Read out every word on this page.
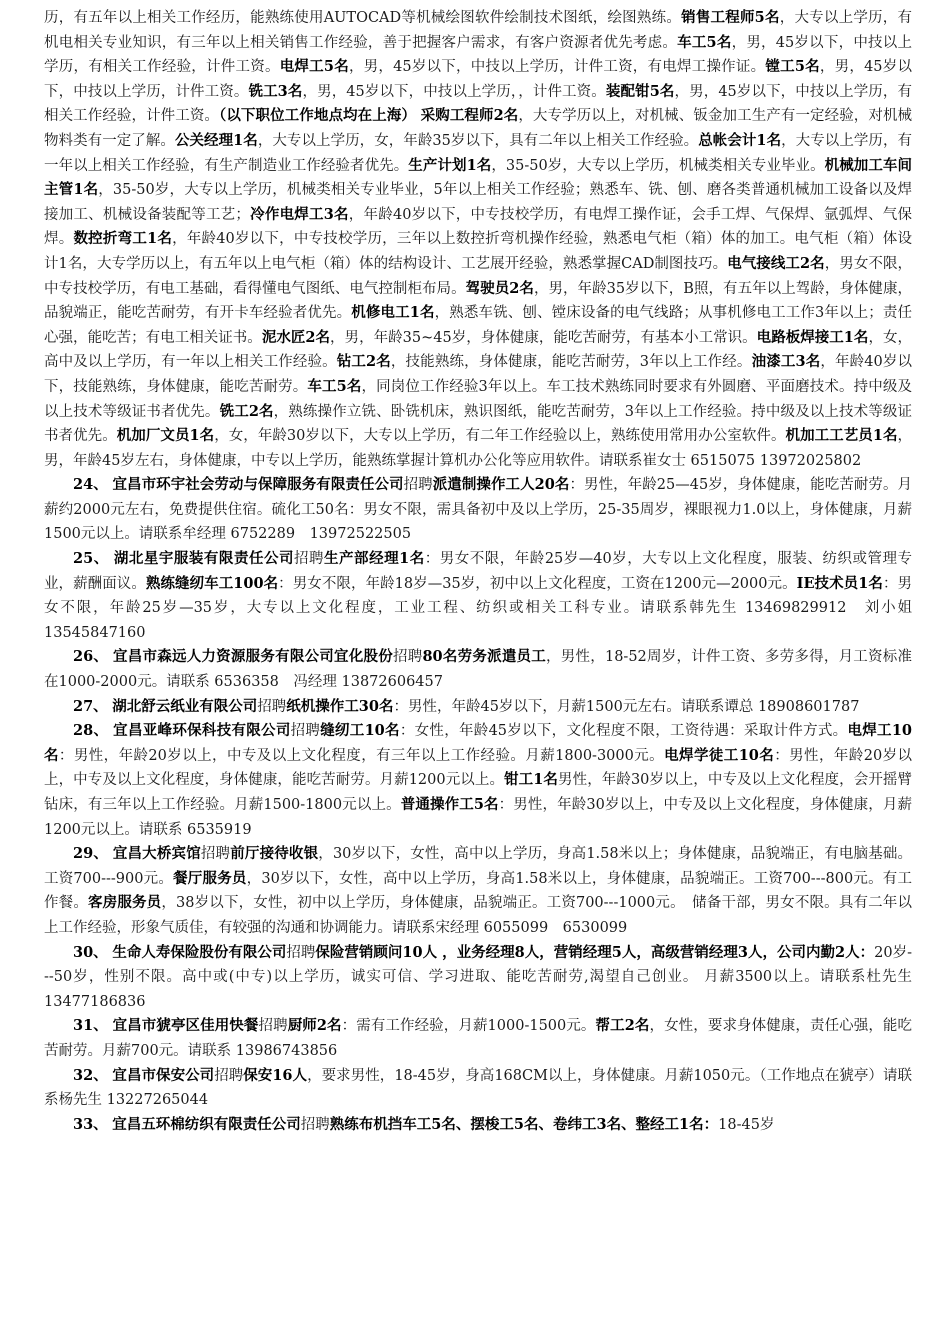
历，有五年以上相关工作经历，能熟练使用AUTOCAD等机械绘图软件绘制技术图纸，绘图熟练。销售工程师5名，大专以上学历，有机电相关专业知识，有三年以上相关销售工作经验，善于把握客户需求，有客户资源者优先考虑。车工5名，男，45岁以下，中技以上学历，有相关工作经验，计件工资。电焊工5名，男，45岁以下，中技以上学历，计件工资，有电焊工操作证。镗工5名，男，45岁以下，中技以上学历，计件工资。铣工3名，男，45岁以下，中技以上学历，，计件工资。装配钳5名，男，45岁以下，中技以上学历，有相关工作经验，计件工资。（以下职位工作地点均在上海） 采购工程师2名，大专学历以上，对机械、钣金加工生产有一定经验，对机械物料类有一定了解。公关经理1名，大专以上学历，女，年龄35岁以下，具有二年以上相关工作经验。总帐会计1名，大专以上学历，有一年以上相关工作经验，有生产制造业工作经验者优先。生产计划1名，35-50岁，大专以上学历，机械类相关专业毕业。机械加工车间主管1名，35-50岁，大专以上学历，机械类相关专业毕业，5年以上相关工作经验；熟悉车、铣、刨、磨各类普通机械加工设备以及焊接加工、机械设备装配等工艺；冷作电焊工3名，年龄40岁以下，中专技校学历，有电焊工操作证，会手工焊、气保焊、氩弧焊、气保焊。数控折弯工1名，年龄40岁以下，中专技校学历，三年以上数控折弯机操作经验，熟悉电气柜（箱）体的加工。电气柜（箱）体设计1名，大专学历以上，有五年以上电气柜（箱）体的结构设计、工艺展开经验，熟悉掌握CAD制图技巧。电气接线工2名，男女不限，中专技校学历，有电工基础，看得懂电气图纸、电气控制柜布局。驾驶员2名，男，年龄35岁以下，B照，有五年以上驾龄，身体健康，品貌端正，能吃苦耐劳，有开卡车经验者优先。机修电工1名，熟悉车铣、刨、镗床设备的电气线路；从事机修电工工作3年以上；责任心强，能吃苦；有电工相关证书。泥水匠2名，男，年龄35~45岁，身体健康，能吃苦耐劳，有基本小工常识。电路板焊接工1名，女，高中及以上学历，有一年以上相关工作经验。钻工2名，技能熟练，身体健康，能吃苦耐劳，3年以上工作经。油漆工3名，年龄40岁以下，技能熟练，身体健康，能吃苦耐劳。车工5名，同岗位工作经验3年以上。车工技术熟练同时要求有外圆磨、平面磨技术。持中级及以上技术等级证书者优先。铣工2名，熟练操作立铣、卧铣机床，熟识图纸，能吃苦耐劳，3年以上工作经验。持中级及以上技术等级证书者优先。机加厂文员1名，女，年龄30岁以下，大专以上学历，有二年工作经验以上，熟练使用常用办公室软件。机加工工艺员1名，男，年龄45岁左右，身体健康，中专以上学历，能熟练掌握计算机办公化等应用软件。请联系崔女士 6515075 13972025802

24、 宜昌市环宇社会劳动与保障服务有限责任公司招聘派遣制操作工人20名：男性，年龄25—45岁，身体健康，能吃苦耐劳。月薪约2000元左右，免费提供住宿。硫化工50名：男女不限，需具备初中及以上学历，25-35周岁，裸眼视力1.0以上，身体健康，月薪1500元以上。请联系牟经理 6752289　13972522505

25、 湖北星宇服装有限责任公司招聘生产部经理1名：男女不限，年龄25岁—40岁，大专以上文化程度，服装、纺织或管理专业，薪酬面议。熟练缝纫车工100名：男女不限，年龄18岁—35岁，初中以上文化程度，工资在1200元—2000元。IE技术员1名：男女不限，年龄25岁—35岁，大专以上文化程度，工业工程、纺织或相关工科专业。请联系韩先生 13469829912　刘小姐　13545847160

26、 宜昌市森远人力资源服务有限公司宜化股份招聘80名劳务派遣员工，男性，18-52周岁，计件工资、多劳多得，月工资标准在1000-2000元。请联系 6536358　冯经理 13872606457

27、 湖北舒云纸业有限公司招聘纸机操作工30名：男性，年龄45岁以下，月薪1500元左右。请联系谭总 18908601787

28、 宜昌亚峰环保科技有限公司招聘缝纫工10名：女性，年龄45岁以下，文化程度不限，工资待遇：采取计件方式。电焊工10名：男性，年龄20岁以上，中专及以上文化程度，有三年以上工作经验。月薪1800-3000元。电焊学徒工10名：男性，年龄20岁以上，中专及以上文化程度，身体健康，能吃苦耐劳。月薪1200元以上。钳工1名男性，年龄30岁以上，中专及以上文化程度，会开摇臂钻床，有三年以上工作经验。月薪1500-1800元以上。普通操作工5名：男性，年龄30岁以上，中专及以上文化程度，身体健康，月薪1200元以上。请联系 6535919

29、 宜昌大桥宾馆招聘前厅接待收银，30岁以下，女性，高中以上学历，身高1.58米以上；身体健康，品貌端正，有电脑基础。工资700---900元。餐厅服务员，30岁以下，女性，高中以上学历，身高1.58米以上，身体健康，品貌端正。工资700---800元。有工作餐。客房服务员，38岁以下，女性，初中以上学历，身体健康，品貌端正。工资700---1000元。　储备干部，男女不限。具有二年以上工作经验，形象气质佳，有较强的沟通和协调能力。请联系宋经理 6055099　6530099

30、 生命人寿保险股份有限公司招聘保险营销顾问10人 ，业务经理8人，营销经理5人，高级营销经理3人，公司内勤2人：20岁---50岁，性别不限。高中或(中专)以上学历，诚实可信、学习进取、能吃苦耐劳,渴望自己创业。 月薪3500以上。请联系杜先生　13477186836

31、 宜昌市猇亭区佳用快餐招聘厨师2名：需有工作经验，月薪1000-1500元。帮工2名，女性，要求身体健康，责任心强，能吃苦耐劳。月薪700元。请联系 13986743856

32、 宜昌市保安公司招聘保安16人，要求男性，18-45岁，身高168CM以上，身体健康。月薪1050元。（工作地点在猇亭）请联系杨先生 13227265044

33、 宜昌五环棉纺织有限责任公司招聘熟练布机挡车工5名、摆梭工5名、卷纬工3名、整经工1名：18-45岁
